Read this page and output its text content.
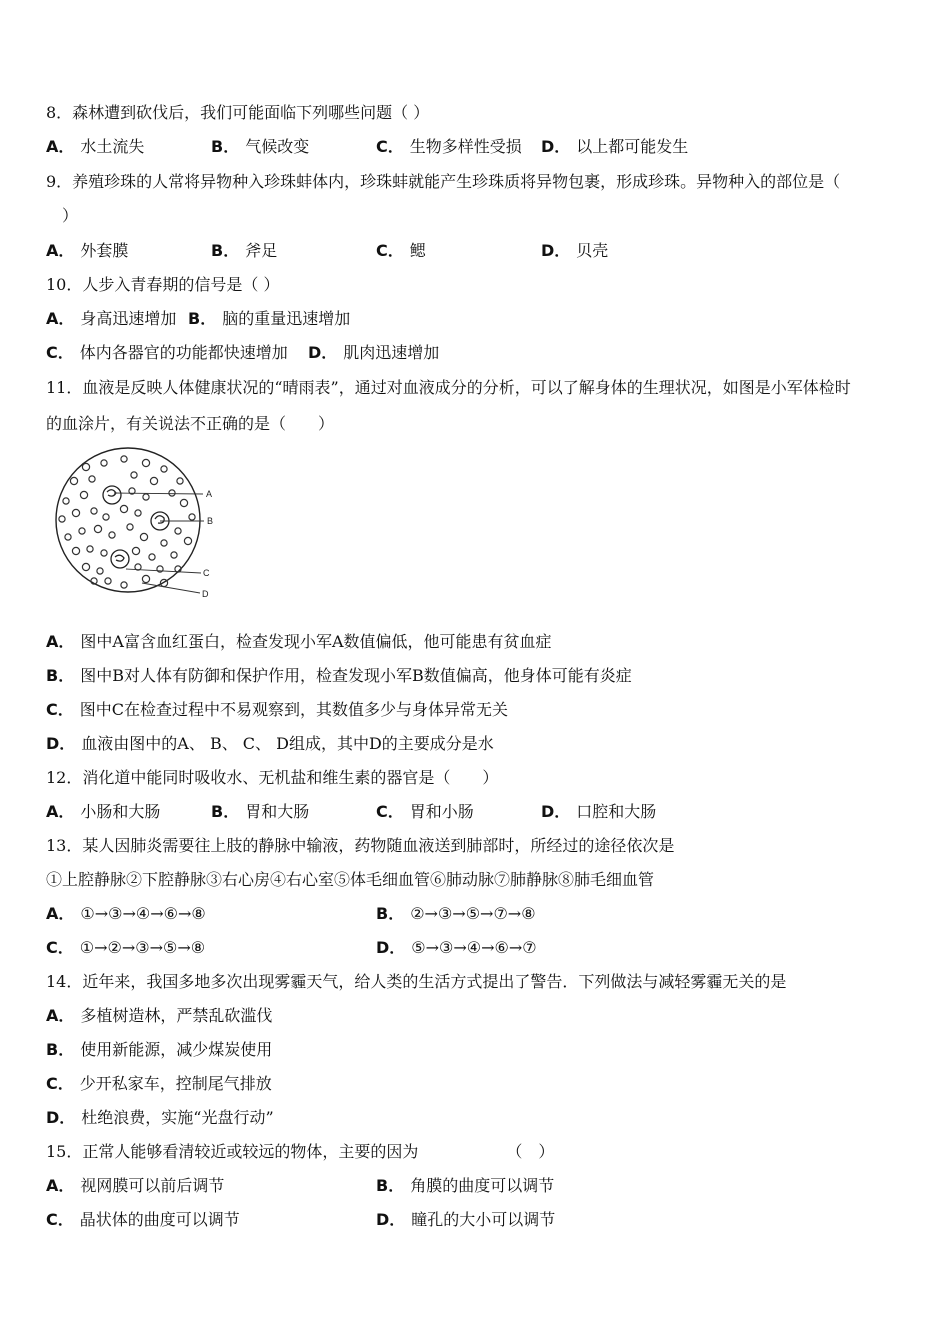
8．森林遭到砍伐后，我们可能面临下列哪些问题（ ）
A． 水土流失	B． 气候改变	C． 生物多样性受损 D． 以上都可能发生
9．养殖珍珠的人常将异物种入珍珠蚌体内，珍珠蚌就能产生珍珠质将异物包裹，形成珍珠。异物种入的部位是（
）
A． 外套膜	B． 斧足	C． 鳃	D． 贝壳
10．人步入青春期的信号是（ ）
A． 身高迅速增加 B． 脑的重量迅速增加
C． 体内各器官的功能都快速增加 D． 肌肉迅速增加
11．血液是反映人体健康状况的“晴雨表”，通过对血液成分的分析，可以了解身体的生理状况，如图是小军体检时
的血涂片，有关说法不正确的是（　　）
A
B
C
D
A． 图中A富含血红蛋白，检查发现小军A数值偏低，他可能患有贫血症
B． 图中B对人体有防御和保护作用，检查发现小军B数值偏高，他身体可能有炎症
C． 图中C在检查过程中不易观察到，其数值多少与身体异常无关
D． 血液由图中的A、 B、 C、 D组成，其中D的主要成分是水
12．消化道中能同时吸收水、无机盐和维生素的器官是（　　）
A． 小肠和大肠	B． 胃和大肠	C． 胃和小肠	D． 口腔和大肠
13．某人因肺炎需要往上肢的静脉中输液，药物随血液送到肺部时，所经过的途径依次是
①上腔静脉②下腔静脉③右心房④右心室⑤体毛细血管⑥肺动脉⑦肺静脉⑧肺毛细血管
A． ①→③→④→⑥→⑧	B． ②→③→⑤→⑦→⑧
C． ①→②→③→⑤→⑧	D． ⑤→③→④→⑥→⑦
14．近年来，我国多地多次出现雾霾天气，给人类的生活方式提出了警告．下列做法与减轻雾霾无关的是
A． 多植树造林，严禁乱砍滥伐
B． 使用新能源，减少煤炭使用
C． 少开私家车，控制尾气排放
D． 杜绝浪费，实施“光盘行动”
15．正常人能够看清较近或较远的物体，主要的因为　　　　　　（　）
A． 视网膜可以前后调节	B． 角膜的曲度可以调节
C． 晶状体的曲度可以调节	D． 瞳孔的大小可以调节
